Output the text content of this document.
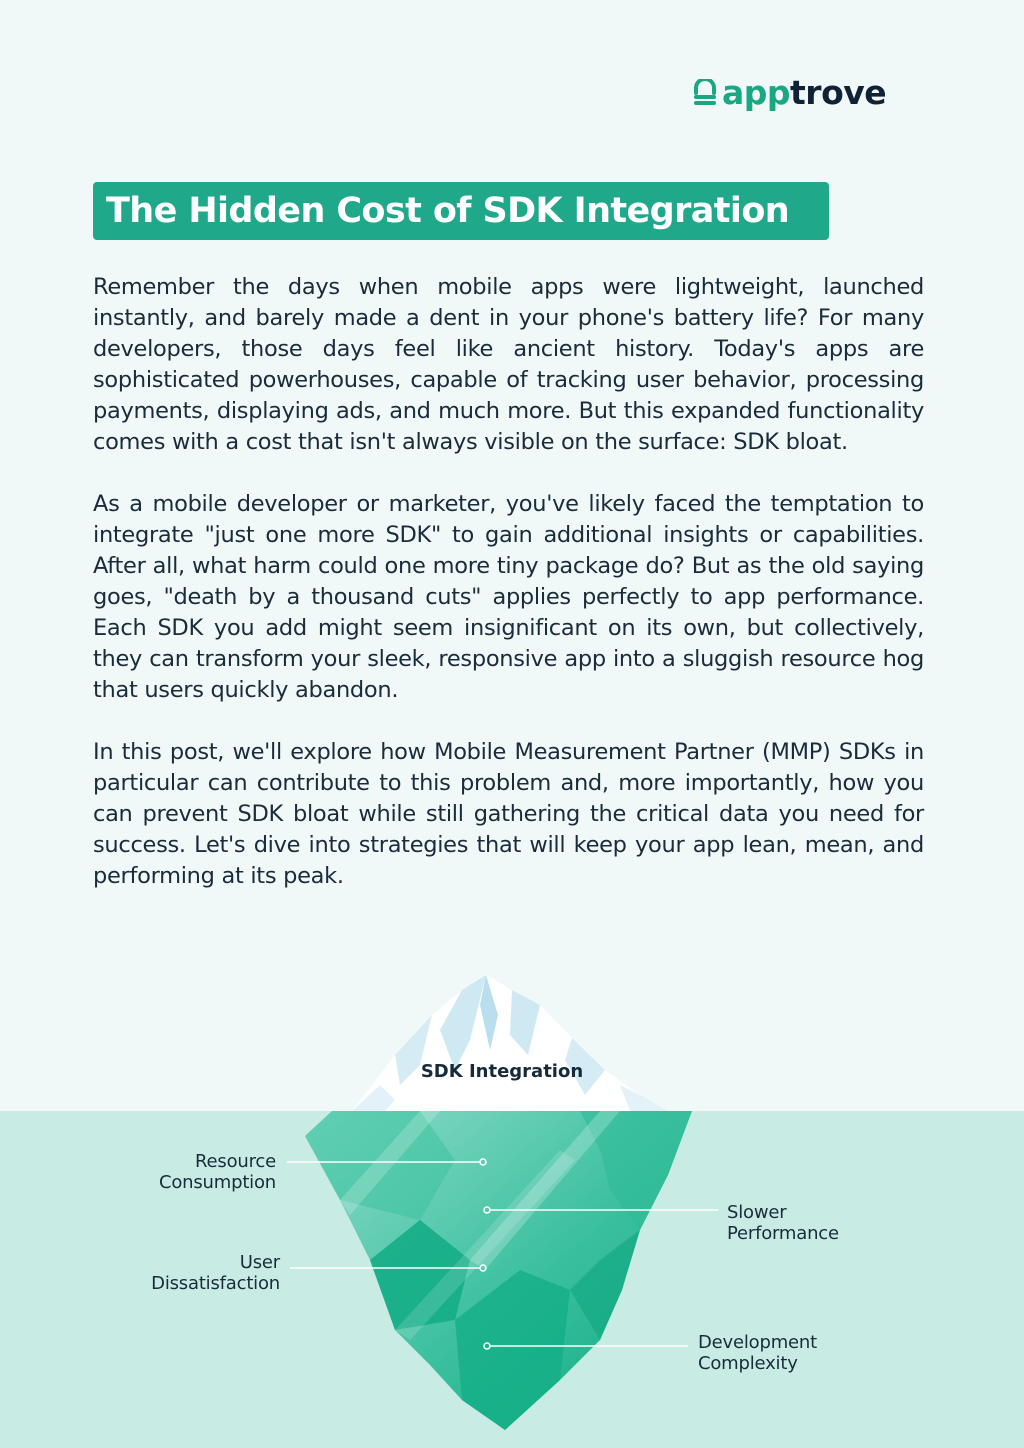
apptrove
The Hidden Cost of SDK Integration

Remember the days when mobile apps were lightweight, launched instantly, and barely made a dent in your phone's battery life? For many developers, those days feel like ancient history. Today's apps are sophisticated powerhouses, capable of tracking user behavior, processing payments, displaying ads, and much more. But this expanded functionality comes with a cost that isn't always visible on the surface: SDK bloat.

As a mobile developer or marketer, you've likely faced the temptation to integrate "just one more SDK" to gain additional insights or capabilities. After all, what harm could one more tiny package do? But as the old saying goes, "death by a thousand cuts" applies perfectly to app performance. Each SDK you add might seem insignificant on its own, but collectively, they can transform your sleek, responsive app into a sluggish resource hog that users quickly abandon.

In this post, we'll explore how Mobile Measurement Partner (MMP) SDKs in particular can contribute to this problem and, more importantly, how you can prevent SDK bloat while still gathering the critical data you need for success. Let's dive into strategies that will keep your app lean, mean, and performing at its peak.

SDK Integration
Resource
Consumption
User
Dissatisfaction
Slower
Performance
Development
Complexity
